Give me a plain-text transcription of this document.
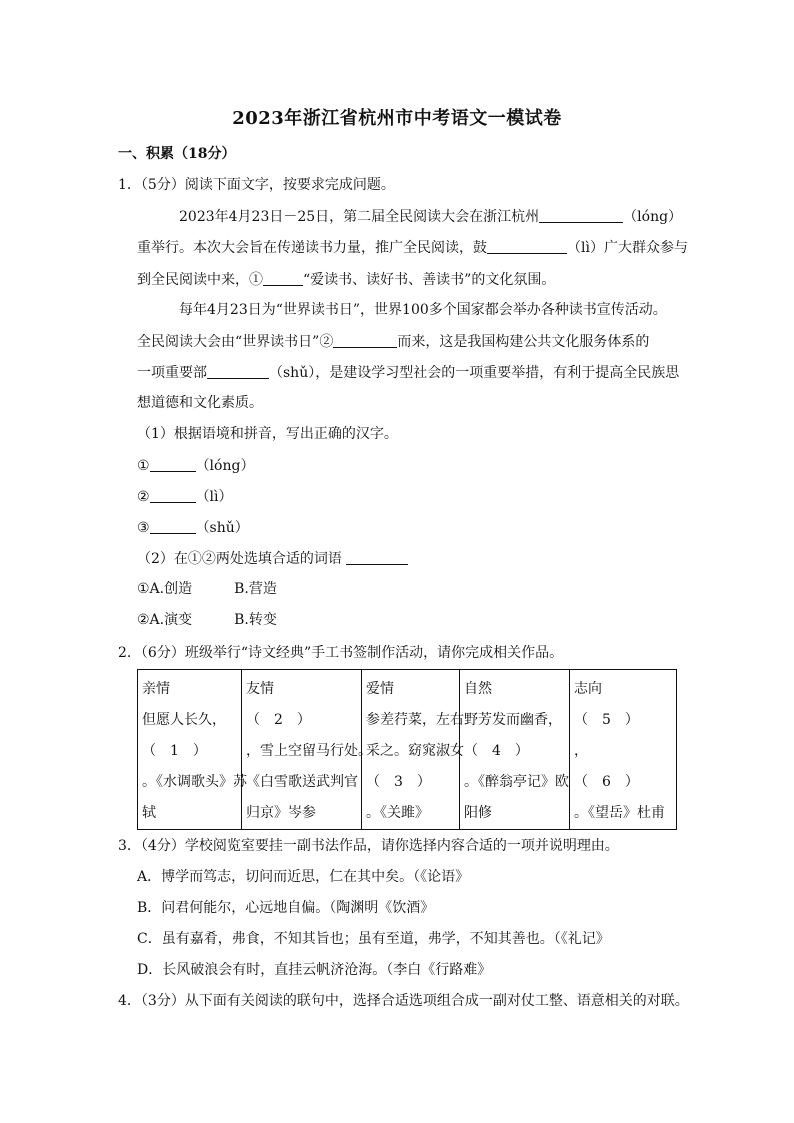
2023年浙江省杭州市中考语文一模试卷
一、积累（18分）
1．（5分）阅读下面文字，按要求完成问题。
2023年4月23日－25日，第二届全民阅读大会在浙江杭州	（lóng）
重举行。本次大会旨在传递读书力量，推广全民阅读，鼓	（lì）广大群众参与
到全民阅读中来，①	“爱读书、读好书、善读书”的文化氛围。
每年4月23日为“世界读书日”，世界100多个国家都会举办各种读书宣传活动。
全民阅读大会由“世界读书日”②	而来，这是我国构建公共文化服务体系的
一项重要部	（shǔ），是建设学习型社会的一项重要举措，有利于提高全民族思
想道德和文化素质。
（1）根据语境和拼音，写出正确的汉字。
①	（lóng）
②	（lì）
③	（shǔ）
（2）在①②两处选填合适的词语
①A.创造	B.营造
②A.演变	B.转变
2．（6分）班级举行“诗文经典”手工书签制作活动，请你完成相关作品。
亲情
但愿人长久，
（　1　）
。《水调歌头》苏
轼

友情
（　2　）
，雪上空留马行处。
《白雪歌送武判官
归京》岑参

爱情
参差荇菜，左右
采之。窈窕淑女
（　3　）
。《关雎》

自然
野芳发而幽香，
（　4　）
。《醉翁亭记》欧
阳修

志向
（　5　）
，
（　6　）
。《望岳》杜甫
3．（4分）学校阅览室要挂一副书法作品，请你选择内容合适的一项并说明理由。
A．博学而笃志，切问而近思，仁在其中矣。（《论语》
B．问君何能尔，心远地自偏。（陶渊明《饮酒》
C．虽有嘉肴，弗食，不知其旨也；虽有至道，弗学，不知其善也。（《礼记》
D．长风破浪会有时，直挂云帆济沧海。（李白《行路难》
4．（3分）从下面有关阅读的联句中，选择合适选项组合成一副对仗工整、语意相关的对联。
